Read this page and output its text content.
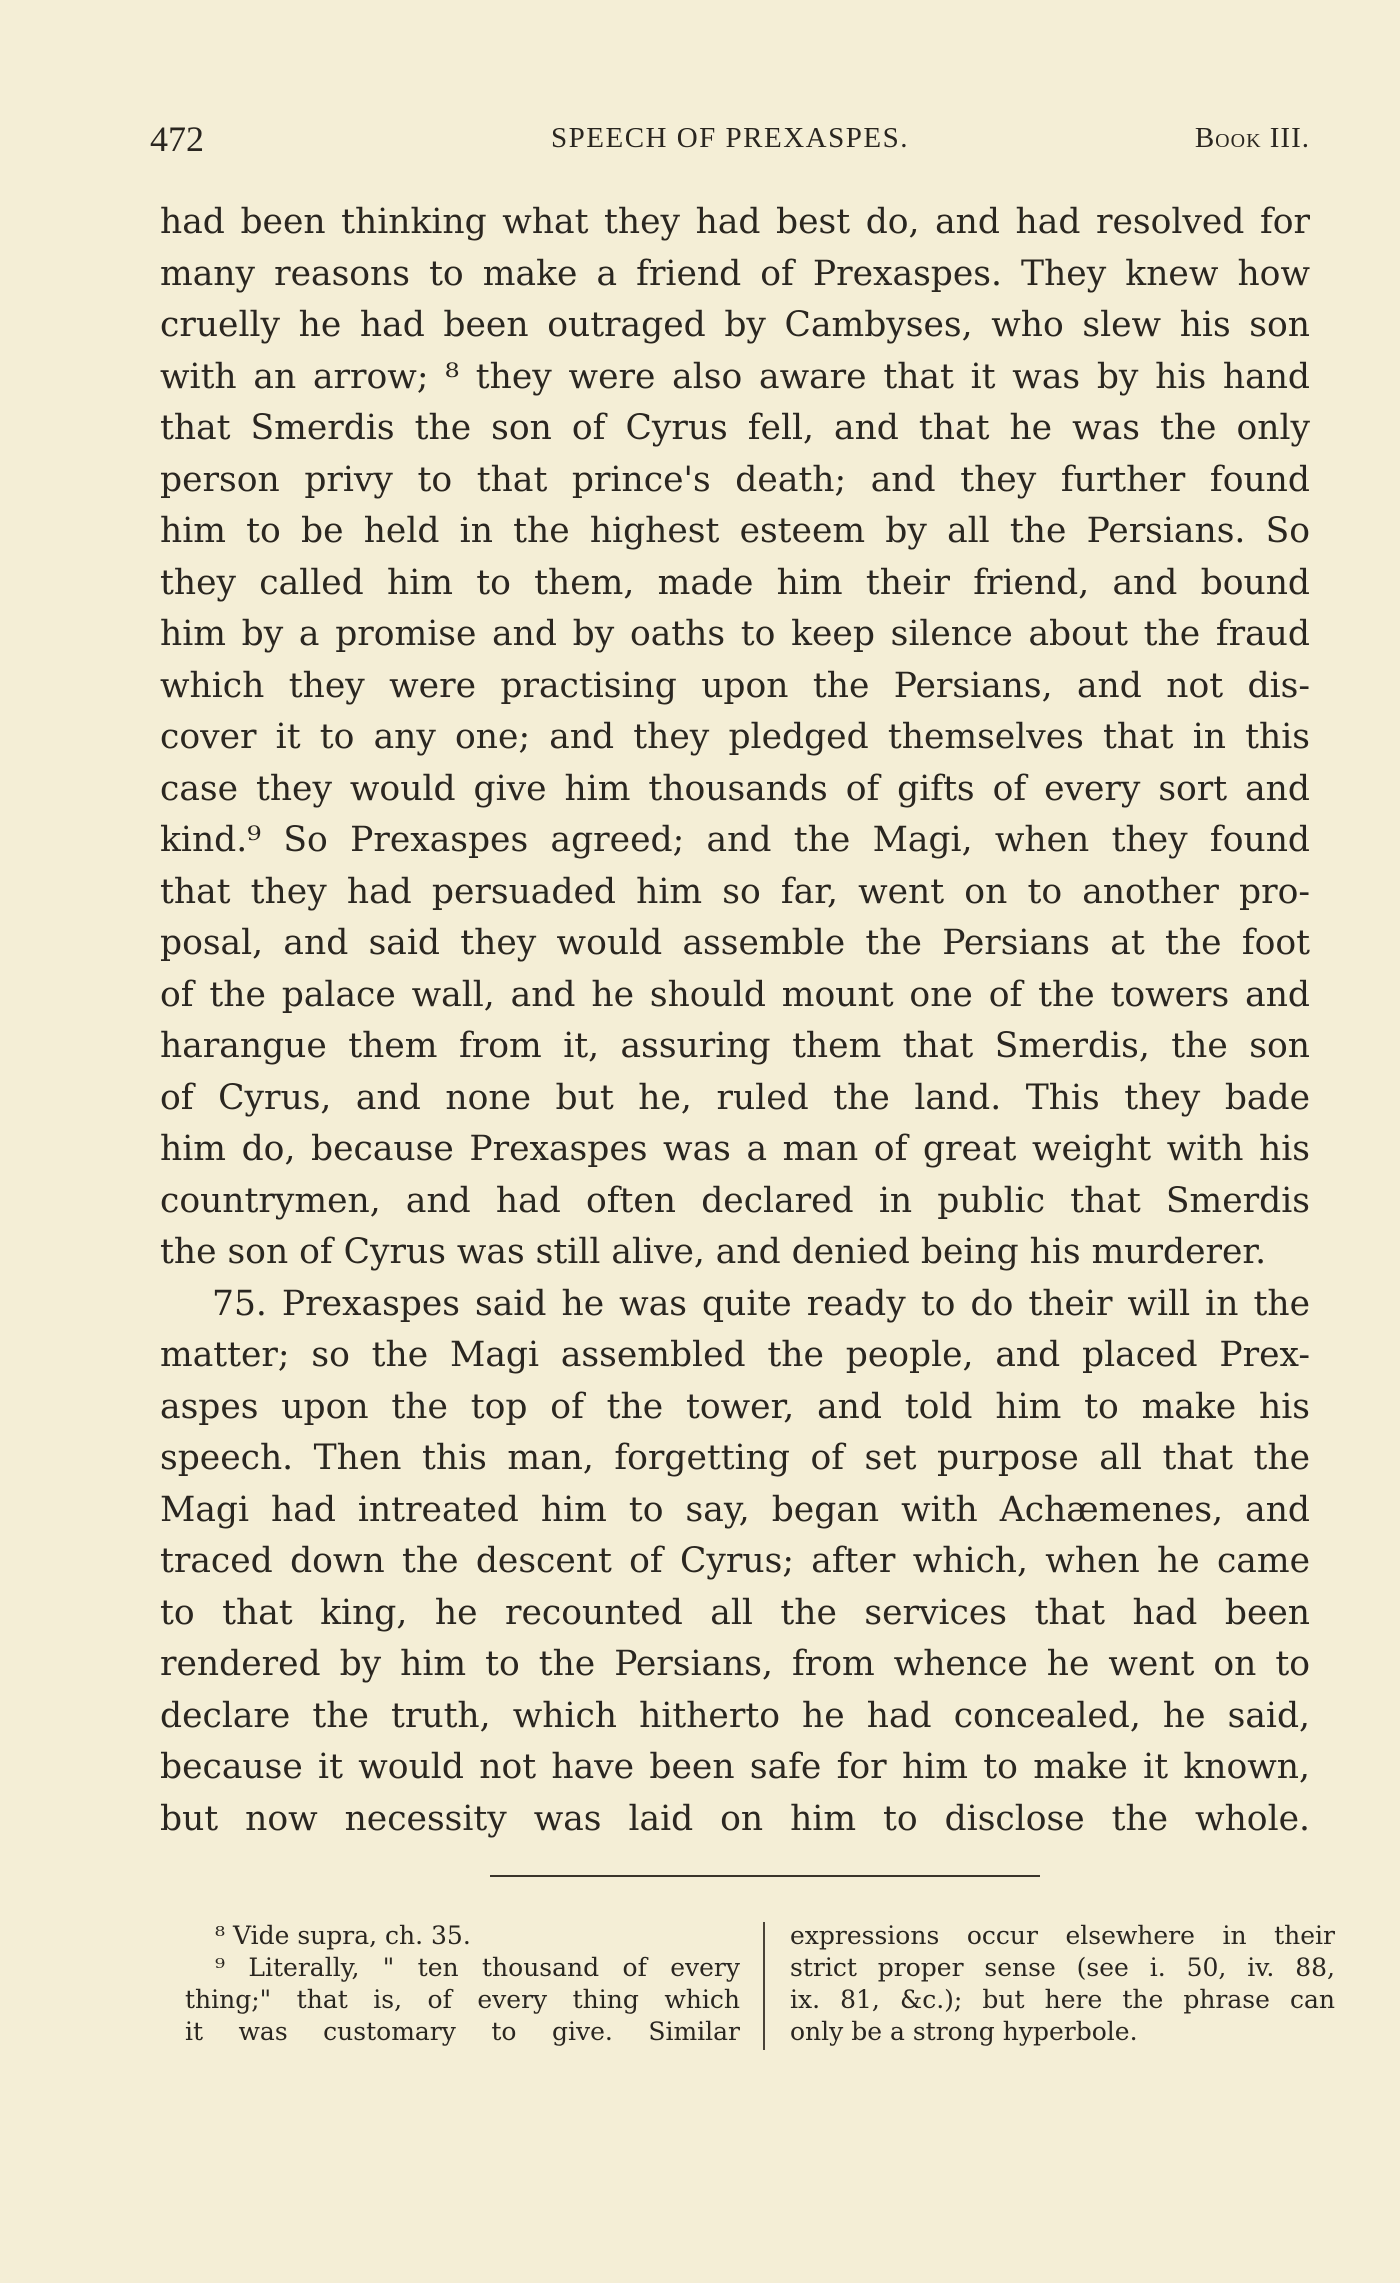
472	SPEECH OF PREXASPES.	Book III.
had been thinking what they had best do, and had resolved for
many reasons to make a friend of Prexaspes. They knew how
cruelly he had been outraged by Cambyses, who slew his son
with an arrow; ⁸ they were also aware that it was by his hand
that Smerdis the son of Cyrus fell, and that he was the only
person privy to that prince's death; and they further found
him to be held in the highest esteem by all the Persians. So
they called him to them, made him their friend, and bound
him by a promise and by oaths to keep silence about the fraud
which they were practising upon the Persians, and not dis-
cover it to any one; and they pledged themselves that in this
case they would give him thousands of gifts of every sort and
kind.⁹ So Prexaspes agreed; and the Magi, when they found
that they had persuaded him so far, went on to another pro-
posal, and said they would assemble the Persians at the foot
of the palace wall, and he should mount one of the towers and
harangue them from it, assuring them that Smerdis, the son
of Cyrus, and none but he, ruled the land. This they bade
him do, because Prexaspes was a man of great weight with his
countrymen, and had often declared in public that Smerdis
the son of Cyrus was still alive, and denied being his murderer.
75. Prexaspes said he was quite ready to do their will in the
matter; so the Magi assembled the people, and placed Prex-
aspes upon the top of the tower, and told him to make his
speech. Then this man, forgetting of set purpose all that the
Magi had intreated him to say, began with Achæmenes, and
traced down the descent of Cyrus; after which, when he came
to that king, he recounted all the services that had been
rendered by him to the Persians, from whence he went on to
declare the truth, which hitherto he had concealed, he said,
because it would not have been safe for him to make it known,
but now necessity was laid on him to disclose the whole.
⁸ Vide supra, ch. 35.
⁹ Literally, " ten thousand of every
thing;" that is, of every thing which
it was customary to give. Similar
expressions occur elsewhere in their
strict proper sense (see i. 50, iv. 88,
ix. 81, &c.); but here the phrase can
only be a strong hyperbole.
